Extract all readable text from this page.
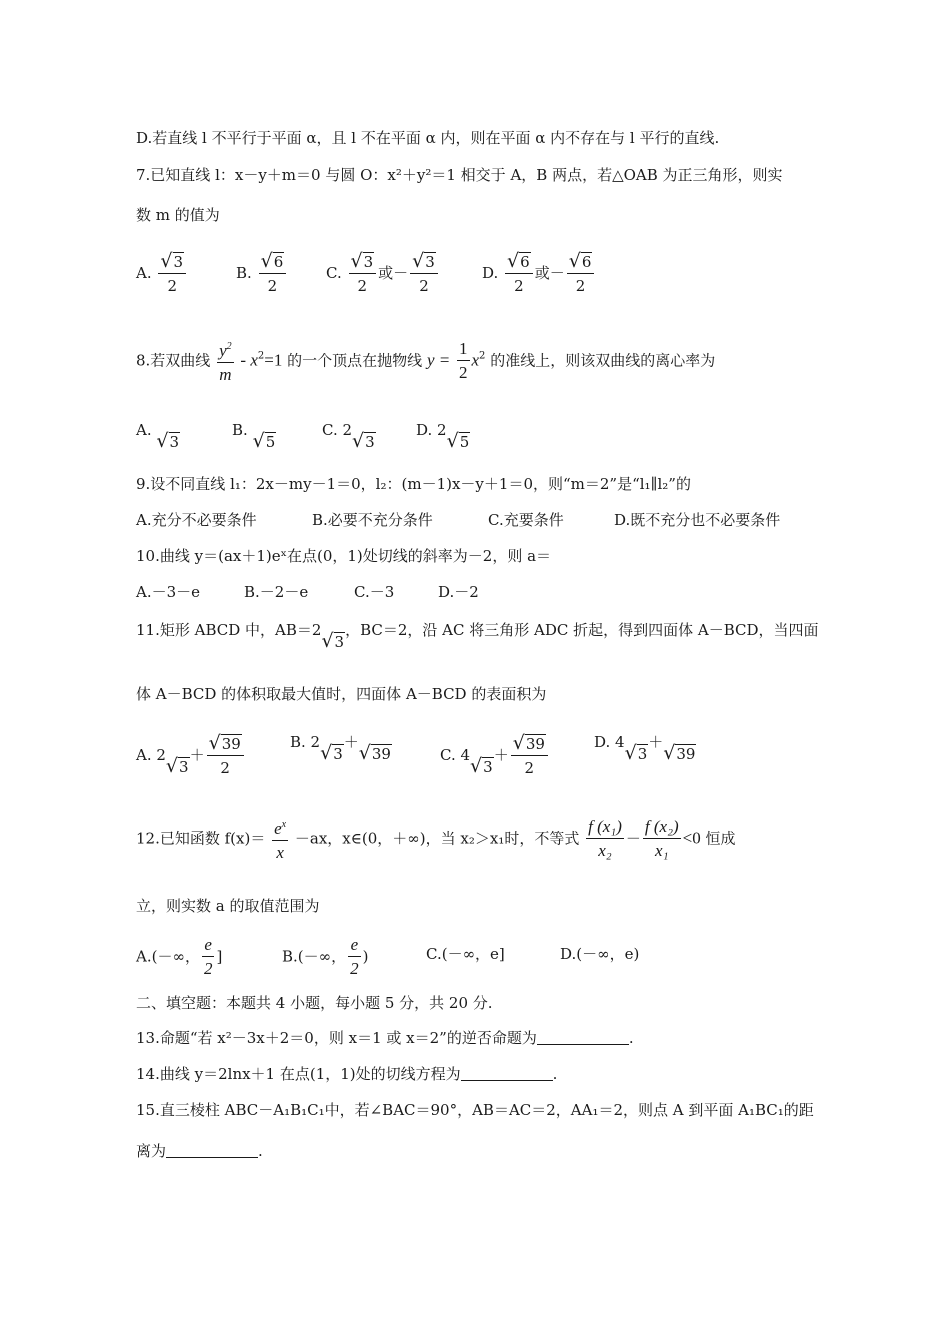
D.若直线 l 不平行于平面 α，且 l 不在平面 α 内，则在平面 α 内不存在与 l 平行的直线.
7.已知直线 l：x－y＋m＝0 与圆 O：x²＋y²＝1 相交于 A，B 两点，若△OAB 为正三角形，则实
数 m 的值为
A. $\frac{√3}{2}$	B. $\frac{√6}{2}$	C. $\frac{√3}{2}$ 或－ $\frac{√3}{2}$	D. $\frac{√6}{2}$ 或－ $\frac{√6}{2}$
8.若双曲线 $\frac{y^2}{m} - x^2=1$ 的一个顶点在抛物线 $y = \frac{1}{2} x^2$ 的准线上，则该双曲线的离心率为
A. √3
B. √5
C. 2√3
D. 2√5
9.设不同直线 l₁：2x－my－1＝0，l₂：(m－1)x－y＋1＝0，则“m＝2”是“l₁∥l₂”的
A.充分不必要条件	B.必要不充分条件	C.充要条件	D.既不充分也不必要条件
10.曲线 y＝(ax＋1)eˣ在点(0，1)处切线的斜率为－2，则 a＝
A.－3－e	B.－2－e	C.－3	D.－2
11.矩形 ABCD 中，AB＝2√3，BC＝2，沿 AC 将三角形 ADC 折起，得到四面体 A－BCD，当四面
体 A－BCD 的体积取最大值时，四面体 A－BCD 的表面积为
A. $2√3+ \frac{√39}{2}$	B. 2√3＋√39	C. $4√3+ \frac{√39}{2}$	D. 4√3＋√39
12.已知函数 $f(x)= \frac{e^x}{x} -ax$，x∈(0，＋∞)，当 x₂＞x₁时，不等式 $\frac{\text{f (x₁)}}{\text{x₂}} - \frac{\text{f (x₂)}}{\text{x₁}} <0$ 恒成
立，则实数 a 的取值范围为
A.(－∞， $\frac{e}{2}$ ]	B.(－∞， $\frac{e}{2}$ )	C.(－∞，e]	D.(－∞，e)
二、填空题：本题共 4 小题，每小题 5 分，共 20 分.
13.命题“若 x²－3x＋2＝0，则 x＝1 或 x＝2”的逆否命题为	.
14.曲线 y＝2lnx＋1 在点(1，1)处的切线方程为	.
15.直三棱柱 ABC－A₁B₁C₁中，若∠BAC＝90°，AB＝AC＝2，AA₁＝2，则点 A 到平面 A₁BC₁的距
离为	.
